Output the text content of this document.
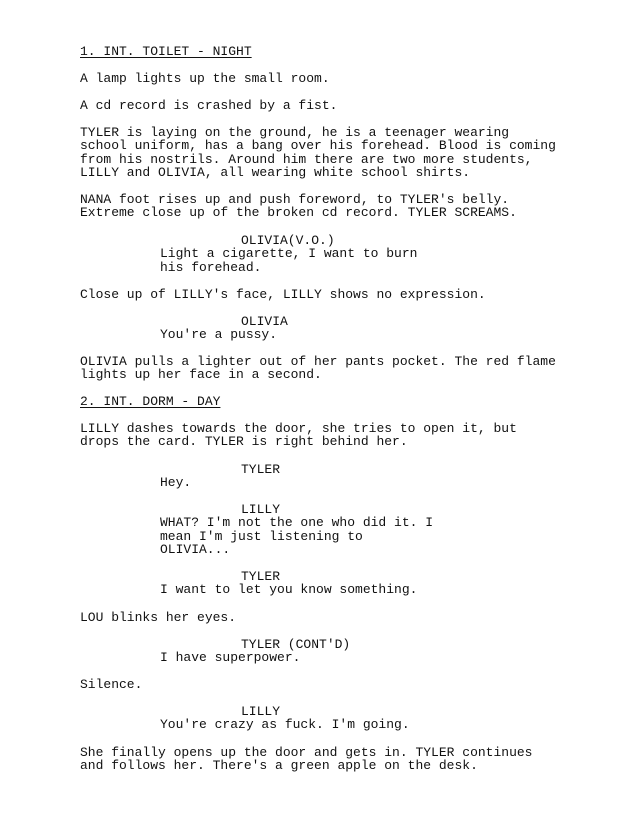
1. INT. TOILET - NIGHT
A lamp lights up the small room.
A cd record is crashed by a fist.
TYLER is laying on the ground, he is a teenager wearing
school uniform, has a bang over his forehead. Blood is coming
from his nostrils. Around him there are two more students,
LILLY and OLIVIA, all wearing white school shirts.
NANA foot rises up and push foreword, to TYLER's belly.
Extreme close up of the broken cd record. TYLER SCREAMS.
OLIVIA(V.O.)
Light a cigarette, I want to burn
his forehead.
Close up of LILLY's face, LILLY shows no expression.
OLIVIA
You're a pussy.
OLIVIA pulls a lighter out of her pants pocket. The red flame
lights up her face in a second.
2. INT. DORM - DAY
LILLY dashes towards the door, she tries to open it, but
drops the card. TYLER is right behind her.
TYLER
Hey.
LILLY
WHAT? I'm not the one who did it. I
mean I'm just listening to
OLIVIA...
TYLER
I want to let you know something.
LOU blinks her eyes.
TYLER (CONT'D)
I have superpower.
Silence.
LILLY
You're crazy as fuck. I'm going.
She finally opens up the door and gets in. TYLER continues
and follows her. There's a green apple on the desk.
